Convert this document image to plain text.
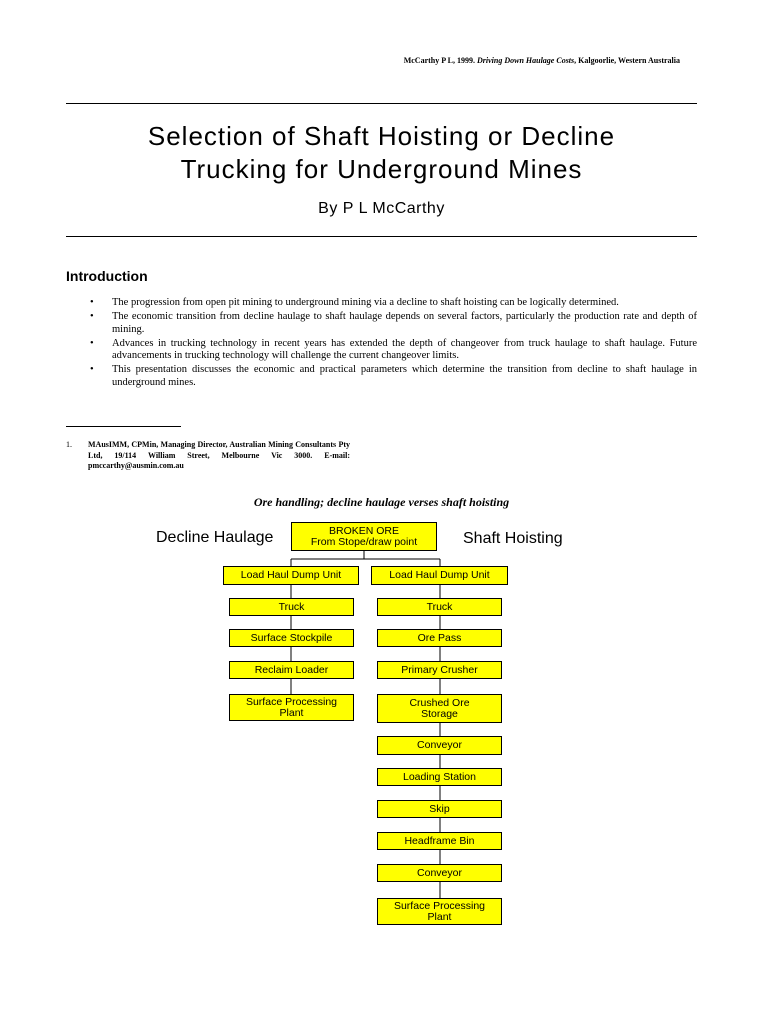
McCarthy P L, 1999. Driving Down Haulage Costs, Kalgoorlie, Western Australia
Selection of Shaft Hoisting or Decline
Trucking for Underground Mines
By P L McCarthy
Introduction
• The progression from open pit mining to underground mining via a decline to shaft hoisting can be logically determined.
• The economic transition from decline haulage to shaft haulage depends on several factors, particularly the production rate and depth of mining.
• Advances in trucking technology in recent years has extended the depth of changeover from truck haulage to shaft haulage. Future advancements in trucking technology will challenge the current changeover limits.
• This presentation discusses the economic and practical parameters which determine the transition from decline to shaft haulage in underground mines.
1. MAusIMM, CPMin, Managing Director, Australian Mining Consultants Pty Ltd, 19/114 William Street, Melbourne Vic 3000. E-mail: pmccarthy@ausmin.com.au
Ore handling; decline haulage verses shaft hoisting
Decline Haulage	Shaft Hoisting
BROKEN ORE
From Stope/draw point
Load Haul Dump Unit
Truck
Surface Stockpile
Reclaim Loader
Surface Processing
Plant
Load Haul Dump Unit
Truck
Ore Pass
Primary Crusher
Crushed Ore
Storage
Conveyor
Loading Station
Skip
Headframe Bin
Conveyor
Surface Processing
Plant
